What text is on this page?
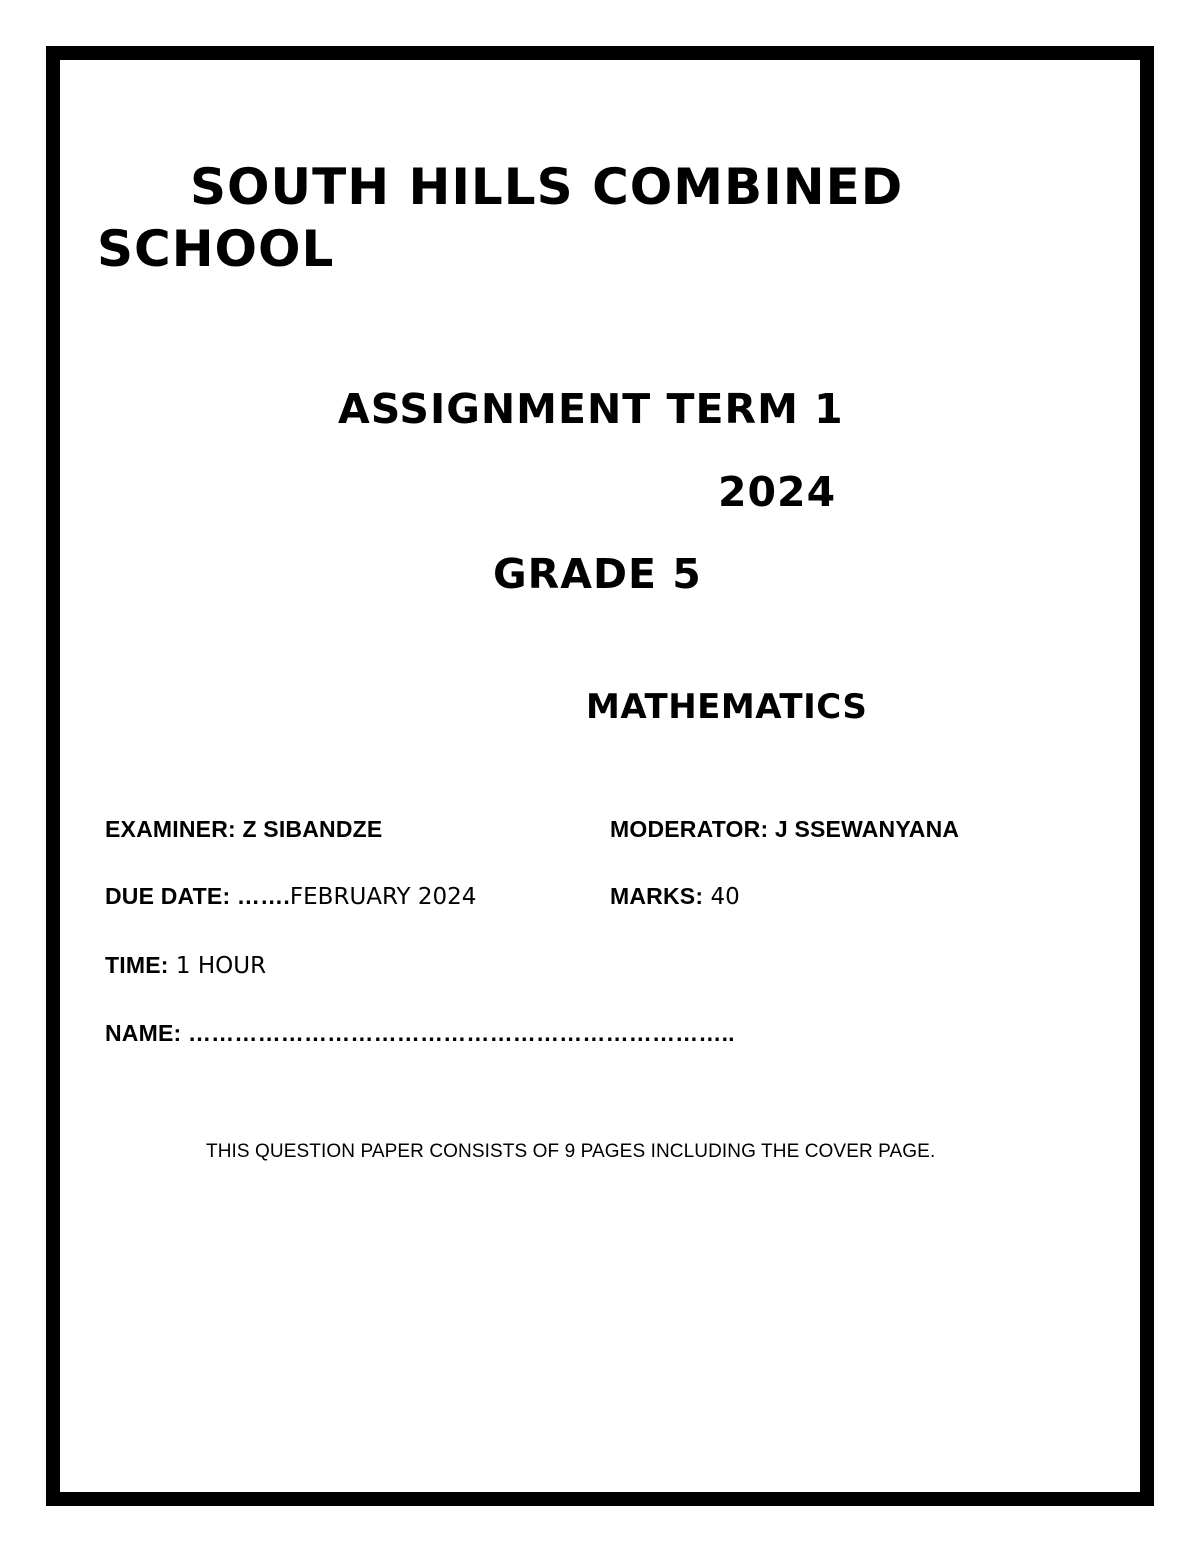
SOUTH HILLS COMBINED
SCHOOL
ASSIGNMENT TERM 1
2024
GRADE 5
MATHEMATICS
EXAMINER: Z SIBANDZE	MODERATOR: J SSEWANYANA
DUE DATE: …….FEBRUARY 2024	MARKS: 40
TIME: 1 HOUR
NAME: ……………………………………………………………..
THIS QUESTION PAPER CONSISTS OF 9 PAGES INCLUDING THE COVER PAGE.
